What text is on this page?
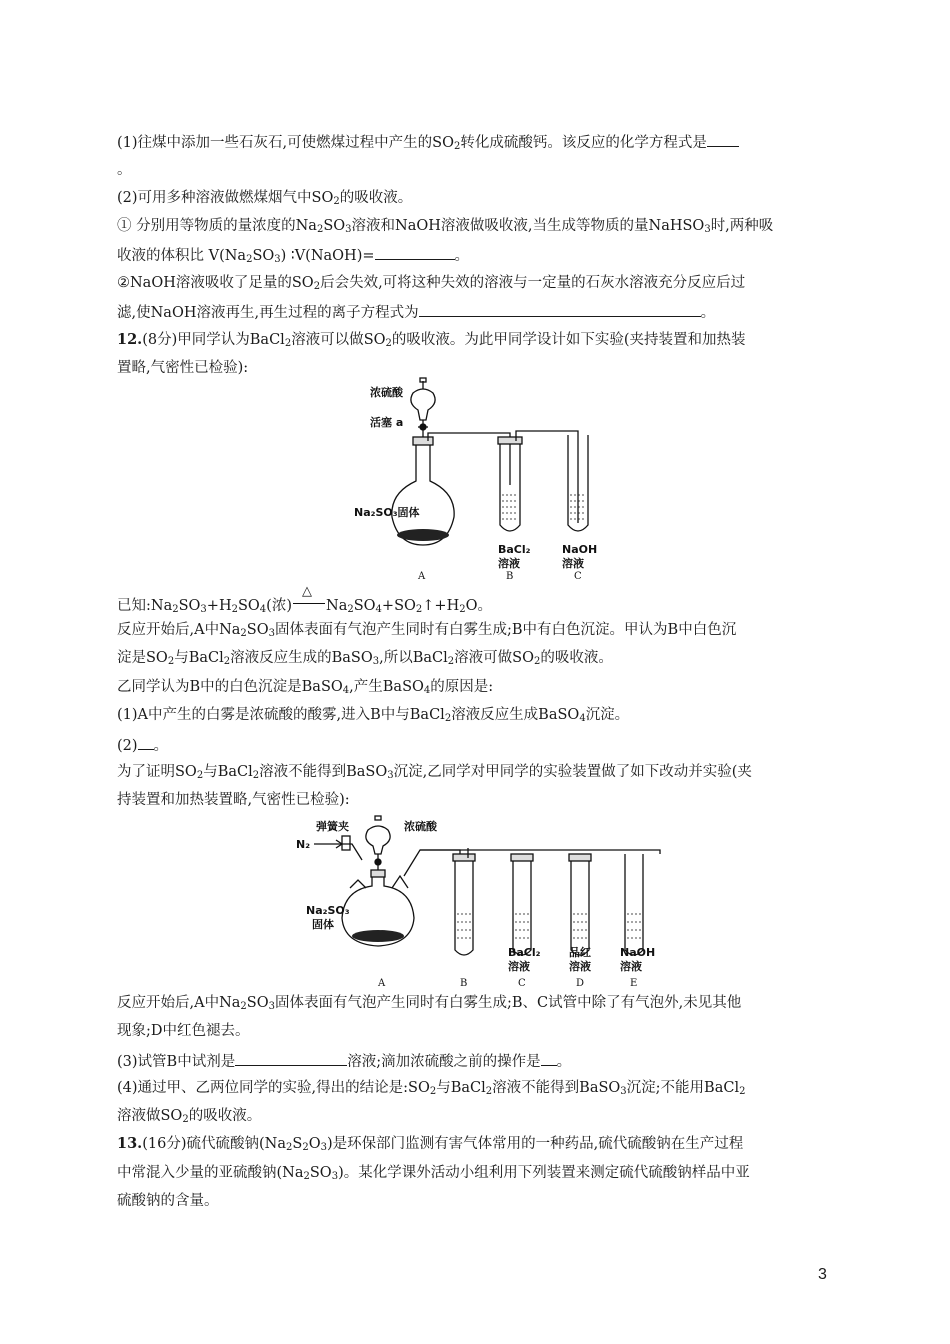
(1)往煤中添加一些石灰石,可使燃煤过程中产生的$SO_2$转化成硫酸钙。该反应的化学方程式是
。
(2)可用多种溶液做燃煤烟气中$SO_2$的吸收液。
① 分别用等物质的量浓度的$Na_2SO_3$溶液和NaOH溶液做吸收液,当生成等物质的量NaHSO$_3$时,两种吸
收液的体积比 $V(Na_2SO_3)$ ∶V(NaOH)=	。
②NaOH溶液吸收了足量的$SO_2$后会失效,可将这种失效的溶液与一定量的石灰水溶液充分反应后过
滤,使NaOH溶液再生,再生过程的离子方程式为	。
12.(8分)甲同学认为BaCl$_2$溶液可以做$SO_2$的吸收液。为此甲同学设计如下实验(夹持装置和加热装
置略,气密性已检验):
浓硫酸
活塞 a
Na₂SO₃固体
BaCl₂
溶液
NaOH
溶液
A	B	C
已知$:Na_2SO_3+H_2SO_4$(浓)
△
$Na_2SO_4+SO_2↑+H_2O$。
反应开始后,A中$Na_2SO_3$固体表面有气泡产生同时有白雾生成;B中有白色沉淀。甲认为B中白色沉
淀是$SO_2$与BaCl$_2$溶液反应生成的BaSO$_3$,所以BaCl$_2$溶液可做$SO_2$的吸收液。
乙同学认为B中的白色沉淀是BaSO$_4$,产生BaSO$_4$的原因是:
(1)A中产生的白雾是浓硫酸的酸雾,进入B中与BaCl$_2$溶液反应生成BaSO$_4$沉淀。
(2) 。
为了证明$SO_2$与BaCl$_2$溶液不能得到BaSO$_3$沉淀,乙同学对甲同学的实验装置做了如下改动并实验(夹
持装置和加热装置略,气密性已检验):
弹簧夹	浓硫酸
N₂
Na₂SO₃
固体
BaCl₂
溶液
品红
溶液
NaOH
溶液
A	B	C	D	E
反应开始后,A中$Na_2SO_3$固体表面有气泡产生同时有白雾生成;B、C试管中除了有气泡外,未见其他
现象;D中红色褪去。
(3)试管B中试剂是	溶液;滴加浓硫酸之前的操作是 。
(4)通过甲、乙两位同学的实验,得出的结论是$:SO_2$与BaCl$_2$溶液不能得到BaSO$_3$沉淀;不能用BaCl$_2$
溶液做$SO_2$的吸收液。
13.(16分)硫代硫酸钠$(Na_2S_2O_3)$是环保部门监测有害气体常用的一种药品,硫代硫酸钠在生产过程
中常混入少量的亚硫酸钠$(Na_2SO_3)$。某化学课外活动小组利用下列装置来测定硫代硫酸钠样品中亚
硫酸钠的含量。
3
